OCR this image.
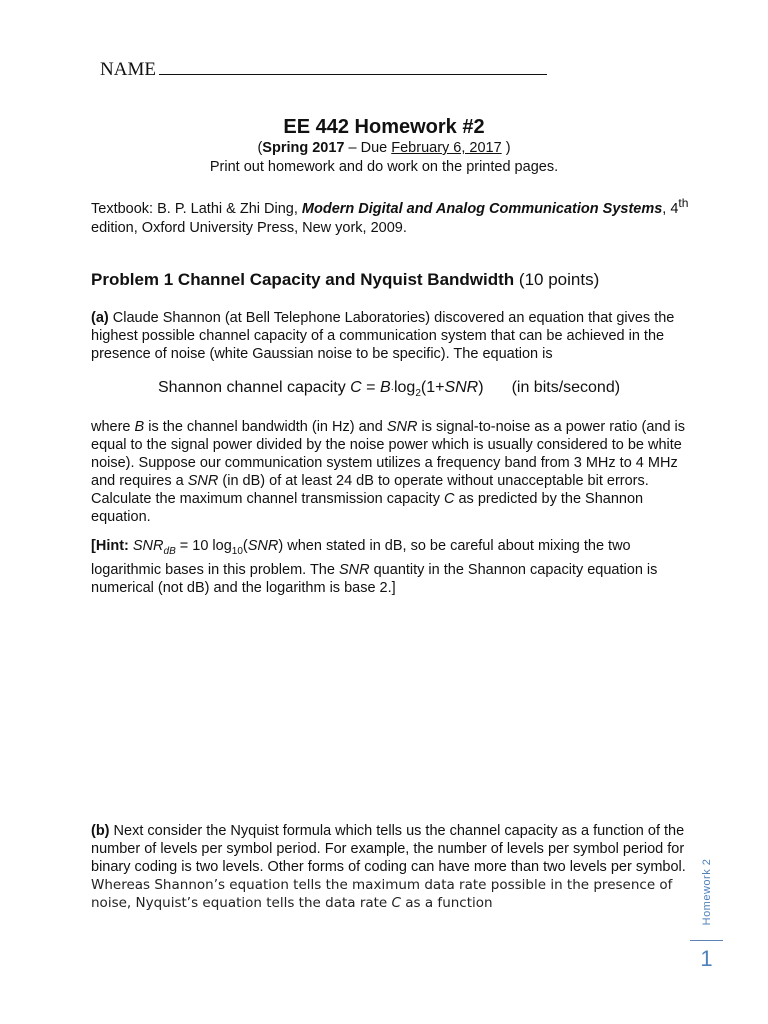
NAME
EE 442 Homework #2
(Spring 2017 – Due February 6, 2017 )
Print out homework and do work on the printed pages.
Textbook: B. P. Lathi & Zhi Ding, Modern Digital and Analog Communication Systems, 4th edition, Oxford University Press, New york, 2009.
Problem 1 Channel Capacity and Nyquist Bandwidth (10 points)
(a) Claude Shannon (at Bell Telephone Laboratories) discovered an equation that gives the highest possible channel capacity of a communication system that can be achieved in the presence of noise (white Gaussian noise to be specific). The equation is
Shannon channel capacity $C = B\cdot\log_2(1+SNR)$ (in bits/second)
where B is the channel bandwidth (in Hz) and SNR is signal-to-noise as a power ratio (and is equal to the signal power divided by the noise power which is usually considered to be white noise). Suppose our communication system utilizes a frequency band from 3 MHz to 4 MHz and requires a SNR (in dB) of at least 24 dB to operate without unacceptable bit errors. Calculate the maximum channel transmission capacity C as predicted by the Shannon equation.
[Hint: $SNR_{dB} = 10$ $\log_{10}(SNR)$ when stated in dB, so be careful about mixing the two logarithmic bases in this problem. The SNR quantity in the Shannon capacity equation is numerical (not dB) and the logarithm is base 2.]
(b) Next consider the Nyquist formula which tells us the channel capacity as a function of the number of levels per symbol period. For example, the number of levels per symbol period for binary coding is two levels. Other forms of coding can have more than two levels per symbol. Whereas Shannon’s equation tells the maximum data rate possible in the presence of noise, Nyquist’s equation tells the data rate C as a function	Homework 2
1
